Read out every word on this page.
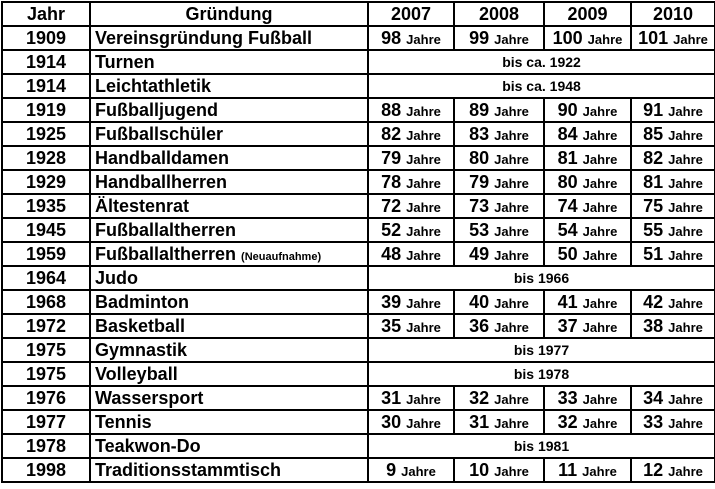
Jahr	Gründung	2007	2008	2009	2010
1909	Vereinsgründung Fußball	98 Jahre	99 Jahre	100 Jahre	101 Jahre
1914	Turnen	bis ca. 1922			
1914	Leichtathletik	bis ca. 1948			
1919	Fußballjugend	88 Jahre	89 Jahre	90 Jahre	91 Jahre
1925	Fußballschüler	82 Jahre	83 Jahre	84 Jahre	85 Jahre
1928	Handballdamen	79 Jahre	80 Jahre	81 Jahre	82 Jahre
1929	Handballherren	78 Jahre	79 Jahre	80 Jahre	81 Jahre
1935	Ältestenrat	72 Jahre	73 Jahre	74 Jahre	75 Jahre
1945	Fußballaltherren	52 Jahre	53 Jahre	54 Jahre	55 Jahre
1959	Fußballaltherren (Neuaufnahme)	48 Jahre	49 Jahre	50 Jahre	51 Jahre
1964	Judo	bis 1966			
1968	Badminton	39 Jahre	40 Jahre	41 Jahre	42 Jahre
1972	Basketball	35 Jahre	36 Jahre	37 Jahre	38 Jahre
1975	Gymnastik	bis 1977			
1975	Volleyball	bis 1978			
1976	Wassersport	31 Jahre	32 Jahre	33 Jahre	34 Jahre
1977	Tennis	30 Jahre	31 Jahre	32 Jahre	33 Jahre
1978	Teakwon-Do	bis 1981			
1998	Traditionsstammtisch	9 Jahre	10 Jahre	11 Jahre	12 Jahre
